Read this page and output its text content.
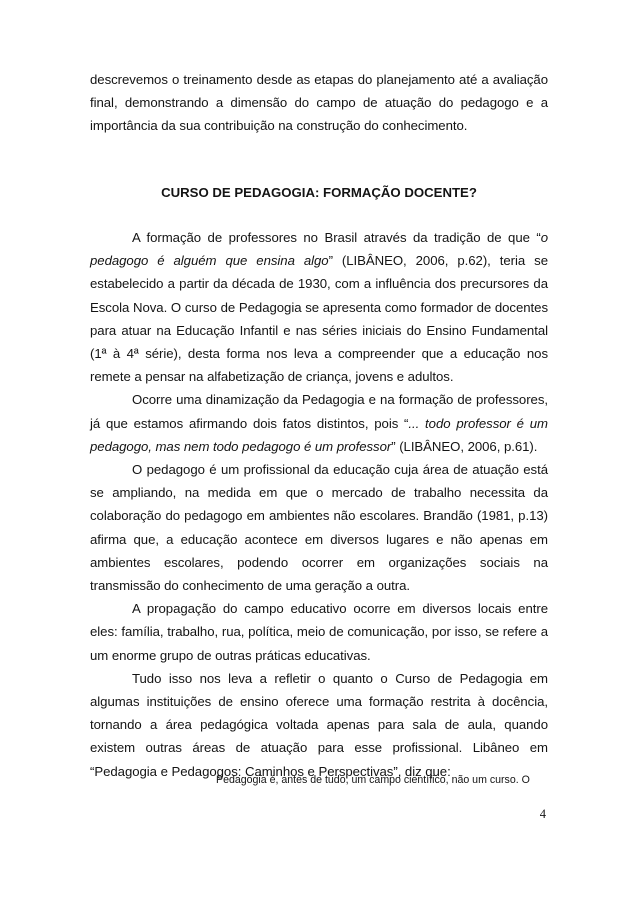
descrevemos o treinamento desde as etapas do planejamento até a avaliação final, demonstrando a dimensão do campo de atuação do pedagogo e a importância da sua contribuição na construção do conhecimento.

CURSO DE PEDAGOGIA: FORMAÇÃO DOCENTE?

A formação de professores no Brasil através da tradição de que “o pedagogo é alguém que ensina algo” (LIBÂNEO, 2006, p.62), teria se estabelecido a partir da década de 1930, com a influência dos precursores da Escola Nova. O curso de Pedagogia se apresenta como formador de docentes para atuar na Educação Infantil e nas séries iniciais do Ensino Fundamental (1ª à 4ª série), desta forma nos leva a compreender que a educação nos remete a pensar na alfabetização de criança, jovens e adultos.

Ocorre uma dinamização da Pedagogia e na formação de professores, já que estamos afirmando dois fatos distintos, pois “... todo professor é um pedagogo, mas nem todo pedagogo é um professor” (LIBÂNEO, 2006, p.61).

O pedagogo é um profissional da educação cuja área de atuação está se ampliando, na medida em que o mercado de trabalho necessita da colaboração do pedagogo em ambientes não escolares. Brandão (1981, p.13) afirma que, a educação acontece em diversos lugares e não apenas em ambientes escolares, podendo ocorrer em organizações sociais na transmissão do conhecimento de uma geração a outra.

A propagação do campo educativo ocorre em diversos locais entre eles: família, trabalho, rua, política, meio de comunicação, por isso, se refere a um enorme grupo de outras práticas educativas.

Tudo isso nos leva a refletir o quanto o Curso de Pedagogia em algumas instituições de ensino oferece uma formação restrita à docência, tornando a área pedagógica voltada apenas para sala de aula, quando existem outras áreas de atuação para esse profissional. Libâneo em “Pedagogia e Pedagogos: Caminhos e Perspectivas”, diz que:

Pedagogia é, antes de tudo, um campo científico, não um curso. O

4
